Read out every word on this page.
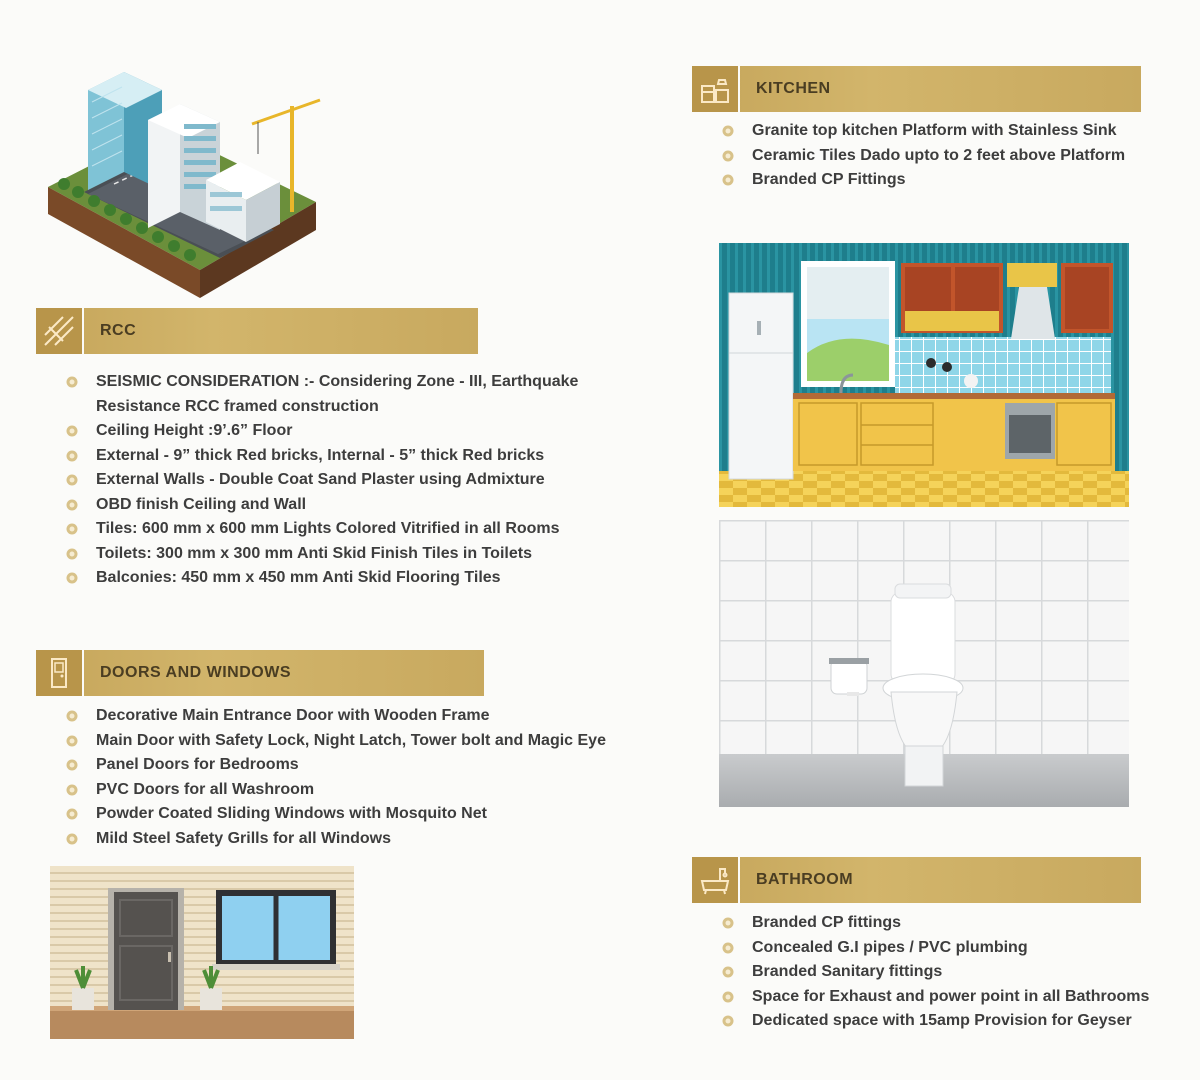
RCC
SEISMIC CONSIDERATION :- Considering Zone - III, Earthquake
Resistance RCC framed construction
Ceiling Height :9’.6” Floor
External - 9” thick Red bricks, Internal - 5” thick Red bricks
External Walls - Double Coat Sand Plaster using Admixture
OBD finish Ceiling and Wall
Tiles: 600 mm x 600 mm Lights Colored Vitrified in all Rooms
Toilets: 300 mm x 300 mm Anti Skid Finish Tiles in Toilets
Balconies: 450 mm x 450 mm Anti Skid Flooring Tiles
DOORS AND WINDOWS
Decorative Main Entrance Door with Wooden Frame
Main Door with Safety Lock, Night Latch, Tower bolt and Magic Eye
Panel Doors for Bedrooms
PVC Doors for all Washroom
Powder Coated Sliding Windows with Mosquito Net
Mild Steel Safety Grills for all Windows
KITCHEN
Granite top kitchen Platform with Stainless Sink
Ceramic Tiles Dado upto to 2 feet above Platform
Branded CP Fittings
BATHROOM
Branded CP fittings
Concealed G.I pipes / PVC plumbing
Branded Sanitary fittings
Space for Exhaust and power point in all Bathrooms
Dedicated space with 15amp Provision for Geyser
